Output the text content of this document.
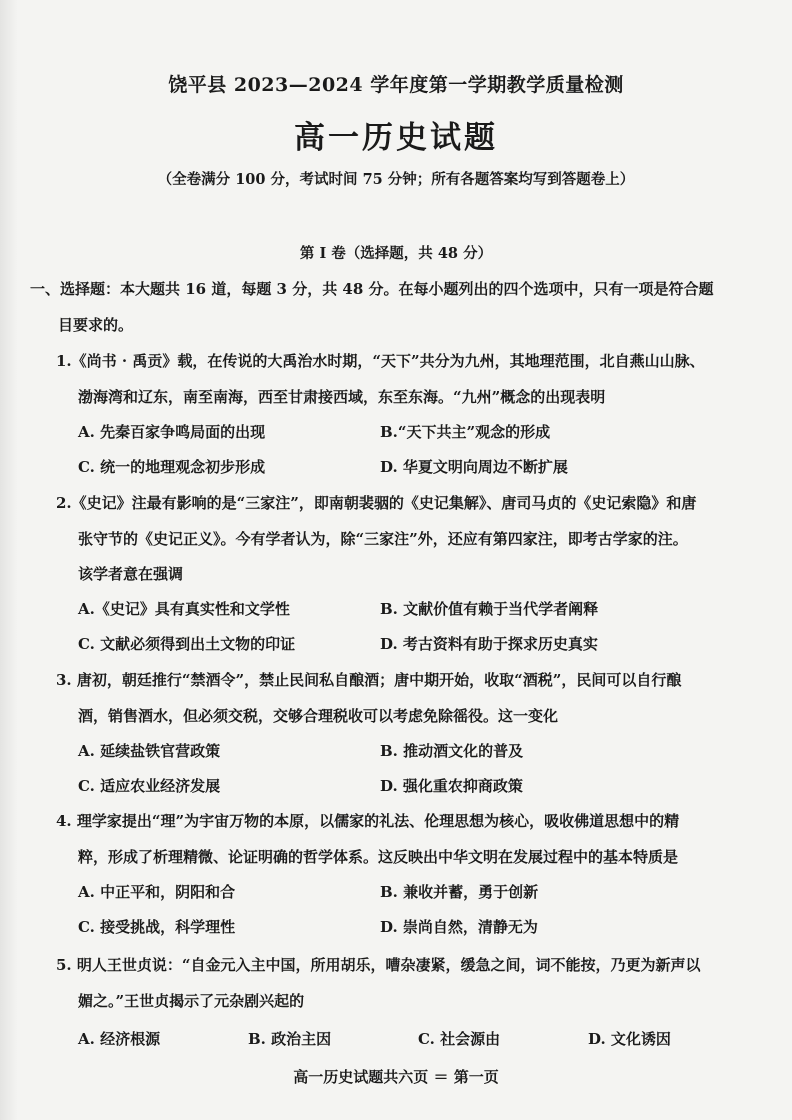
饶平县 2023—2024 学年度第一学期教学质量检测
高一历史试题
（全卷满分 100 分，考试时间 75 分钟；所有各题答案均写到答题卷上）
第 Ⅰ 卷（选择题，共 48 分）
一、选择题：本大题共 16 道，每题 3 分，共 48 分。在每小题列出的四个选项中，只有一项是符合题
目要求的。
1.《尚书 · 禹贡》载，在传说的大禹治水时期，“天下”共分为九州，其地理范围，北自燕山山脉、
渤海湾和辽东，南至南海，西至甘肃接西域，东至东海。“九州”概念的出现表明
A. 先秦百家争鸣局面的出现	B.“天下共主”观念的形成
C. 统一的地理观念初步形成	D. 华夏文明向周边不断扩展
2.《史记》注最有影响的是“三家注”，即南朝裴骃的《史记集解》、唐司马贞的《史记索隐》和唐
张守节的《史记正义》。今有学者认为，除“三家注”外，还应有第四家注，即考古学家的注。
该学者意在强调
A.《史记》具有真实性和文学性	B. 文献价值有赖于当代学者阐释
C. 文献必须得到出土文物的印证	D. 考古资料有助于探求历史真实
3. 唐初，朝廷推行“禁酒令”，禁止民间私自酿酒；唐中期开始，收取“酒税”，民间可以自行酿
酒，销售酒水，但必须交税，交够合理税收可以考虑免除徭役。这一变化
A. 延续盐铁官营政策	B. 推动酒文化的普及
C. 适应农业经济发展	D. 强化重农抑商政策
4. 理学家提出“理”为宇宙万物的本原，以儒家的礼法、伦理思想为核心，吸收佛道思想中的精
粹，形成了析理精微、论证明确的哲学体系。这反映出中华文明在发展过程中的基本特质是
A. 中正平和，阴阳和合	B. 兼收并蓄，勇于创新
C. 接受挑战，科学理性	D. 崇尚自然，清静无为
5. 明人王世贞说：“自金元入主中国，所用胡乐，嘈杂凄紧，缓急之间，词不能按，乃更为新声以
媚之。”王世贞揭示了元杂剧兴起的
A. 经济根源	B. 政治主因	C. 社会源由	D. 文化诱因
高一历史试题共六页 ＝ 第一页
